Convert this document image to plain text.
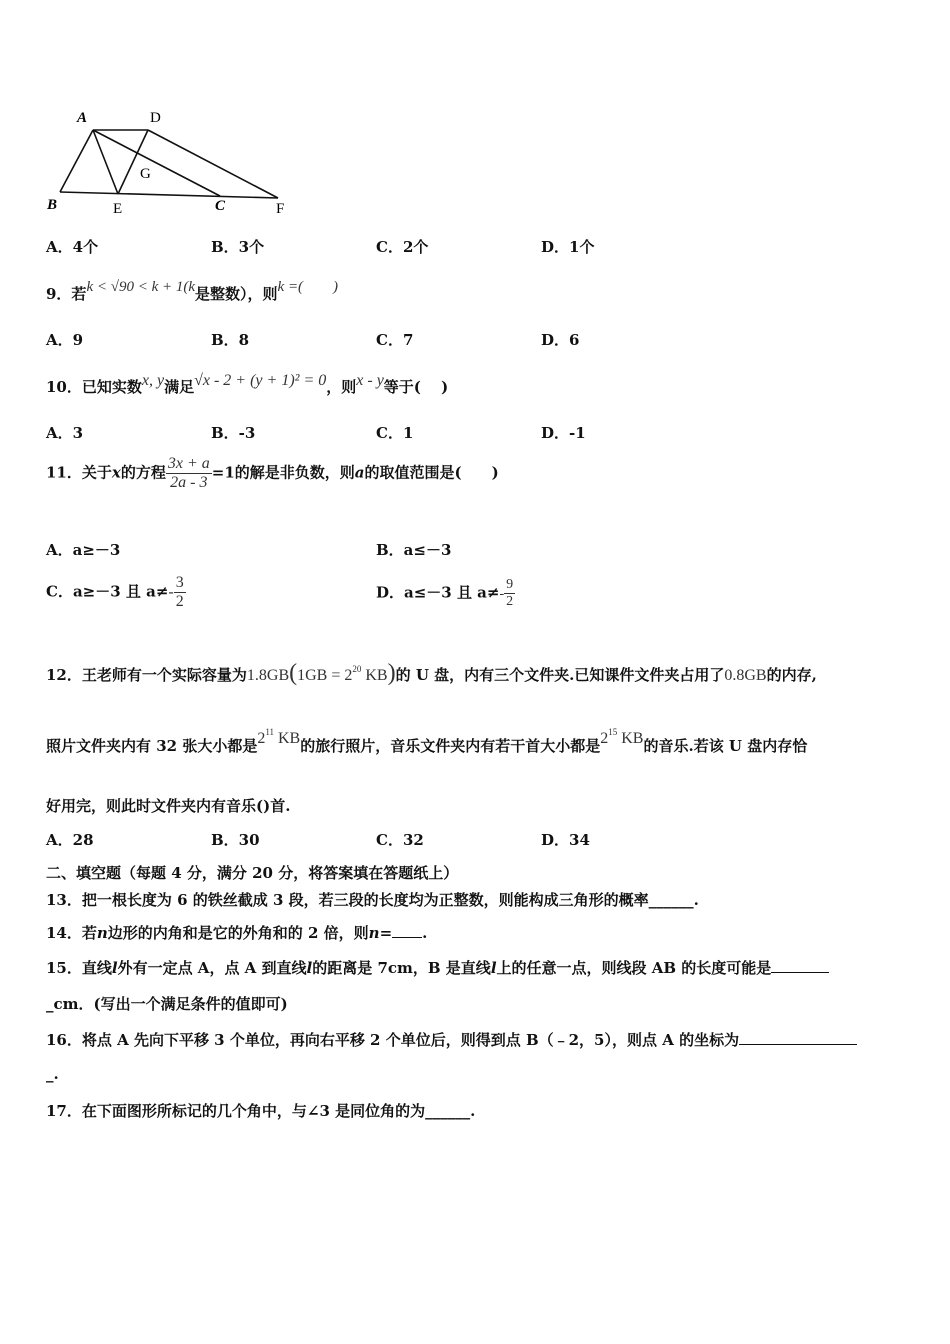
A	D
G
B	E	C	F
A．4个	B．3个	C．2个	D．1个
9．若k < √90 < k + 1(k是整数），则k =(　　)
A．9	B．8	C．7	D．6
10．已知实数x, y满足√x - 2 + (y + 1)² = 0，则x - y等于(　 )
A．3	B．-3	C．1	D．-1
11．关于x的方程 $\frac{3x + a}{2a - 3} =1$的解是非负数，则a的取值范围是(　　)
A．a≥－3	B．a≤－3
C．a≥－3 且 $a\ne- \frac{3}{2}$	D．a≤－3 且 $a\ne- \frac{9}{2}$
12．王老师有一个实际容量为$1.8GB(1GB = 2^{20}$ KB)的 U 盘，内有三个文件夹.已知课件文件夹占用了0.8GB的内存,
照片文件夹内有 32 张大小都是$2^{11}$ KB的旅行照片，音乐文件夹内有若干首大小都是$2^{15}$ KB的音乐.若该 U 盘内存恰
好用完，则此时文件夹内有音乐()首.
A．28	B．30	C．32	D．34
二、填空题（每题 4 分，满分 20 分，将答案填在答题纸上）
13．把一根长度为 6 的铁丝截成 3 段，若三段的长度均为正整数，则能构成三角形的概率______.
14．若n边形的内角和是它的外角和的 2 倍，则n= .
15．直线l外有一定点 A，点 A 到直线l的距离是 7cm，B 是直线l上的任意一点，则线段 AB 的长度可能是
_cm．(写出一个满足条件的值即可)
16．将点 A 先向下平移 3 个单位，再向右平移 2 个单位后，则得到点 B（﹣2，5），则点 A 的坐标为
_.
17．在下面图形所标记的几个角中，与∠3 是同位角的为______.
